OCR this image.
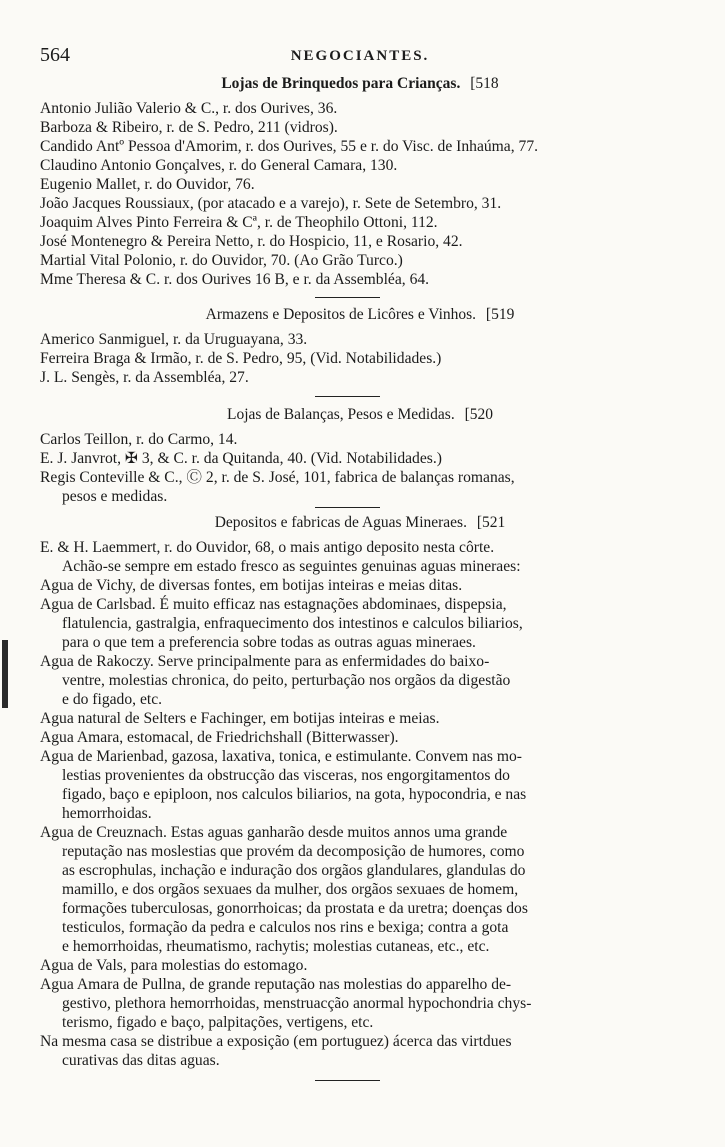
564	NEGOCIANTES.
Lojas de Brinquedos para Crianças. [518
Antonio Julião Valerio & C., r. dos Ourives, 36.
Barboza & Ribeiro, r. de S. Pedro, 211 (vidros).
Candido Antº Pessoa d'Amorim, r. dos Ourives, 55 e r. do Visc. de Inhaúma, 77.
Claudino Antonio Gonçalves, r. do General Camara, 130.
Eugenio Mallet, r. do Ouvidor, 76.
João Jacques Roussiaux, (por atacado e a varejo), r. Sete de Setembro, 31.
Joaquim Alves Pinto Ferreira & Cª, r. de Theophilo Ottoni, 112.
José Montenegro & Pereira Netto, r. do Hospicio, 11, e Rosario, 42.
Martial Vital Polonio, r. do Ouvidor, 70. (Ao Grão Turco.)
Mme Theresa & C. r. dos Ourives 16 B, e r. da Assembléa, 64.
Armazens e Depositos de Licôres e Vinhos. [519
Americo Sanmiguel, r. da Uruguayana, 33.
Ferreira Braga & Irmão, r. de S. Pedro, 95, (Vid. Notabilidades.)
J. L. Sengès, r. da Assembléa, 27.
Lojas de Balanças, Pesos e Medidas. [520
Carlos Teillon, r. do Carmo, 14.
E. J. Janvrot, ✠ 3, & C. r. da Quitanda, 40. (Vid. Notabilidades.)
Regis Conteville & C., Ⓒ 2, r. de S. José, 101, fabrica de balanças romanas,
pesos e medidas.
Depositos e fabricas de Aguas Mineraes. [521
E. & H. Laemmert, r. do Ouvidor, 68, o mais antigo deposito nesta côrte.
Achão-se sempre em estado fresco as seguintes genuinas aguas mineraes:
Agua de Vichy, de diversas fontes, em botijas inteiras e meias ditas.
Agua de Carlsbad. É muito efficaz nas estagnações abdominaes, dispepsia,
flatulencia, gastralgia, enfraquecimento dos intestinos e calculos biliarios,
para o que tem a preferencia sobre todas as outras aguas mineraes.
Agua de Rakoczy. Serve principalmente para as enfermidades do baixo-
ventre, molestias chronica, do peito, perturbação nos orgãos da digestão
e do figado, etc.
Agua natural de Selters e Fachinger, em botijas inteiras e meias.
Agua Amara, estomacal, de Friedrichshall (Bitterwasser).
Agua de Marienbad, gazosa, laxativa, tonica, e estimulante. Convem nas mo-
lestias provenientes da obstrucção das visceras, nos engorgitamentos do
figado, baço e epiploon, nos calculos biliarios, na gota, hypocondria, e nas
hemorrhoidas.
Agua de Creuznach. Estas aguas ganharão desde muitos annos uma grande
reputação nas moslestias que provém da decomposição de humores, como
as escrophulas, inchação e induração dos orgãos glandulares, glandulas do
mamillo, e dos orgãos sexuaes da mulher, dos orgãos sexuaes de homem,
formações tuberculosas, gonorrhoicas; da prostata e da uretra; doenças dos
testiculos, formação da pedra e calculos nos rins e bexiga; contra a gota
e hemorrhoidas, rheumatismo, rachytis; molestias cutaneas, etc., etc.
Agua de Vals, para molestias do estomago.
Agua Amara de Pullna, de grande reputação nas molestias do apparelho de-
gestivo, plethora hemorrhoidas, menstruacção anormal hypochondria chys-
terismo, figado e baço, palpitações, vertigens, etc.
Na mesma casa se distribue a exposição (em portuguez) ácerca das virtdues
curativas das ditas aguas.
